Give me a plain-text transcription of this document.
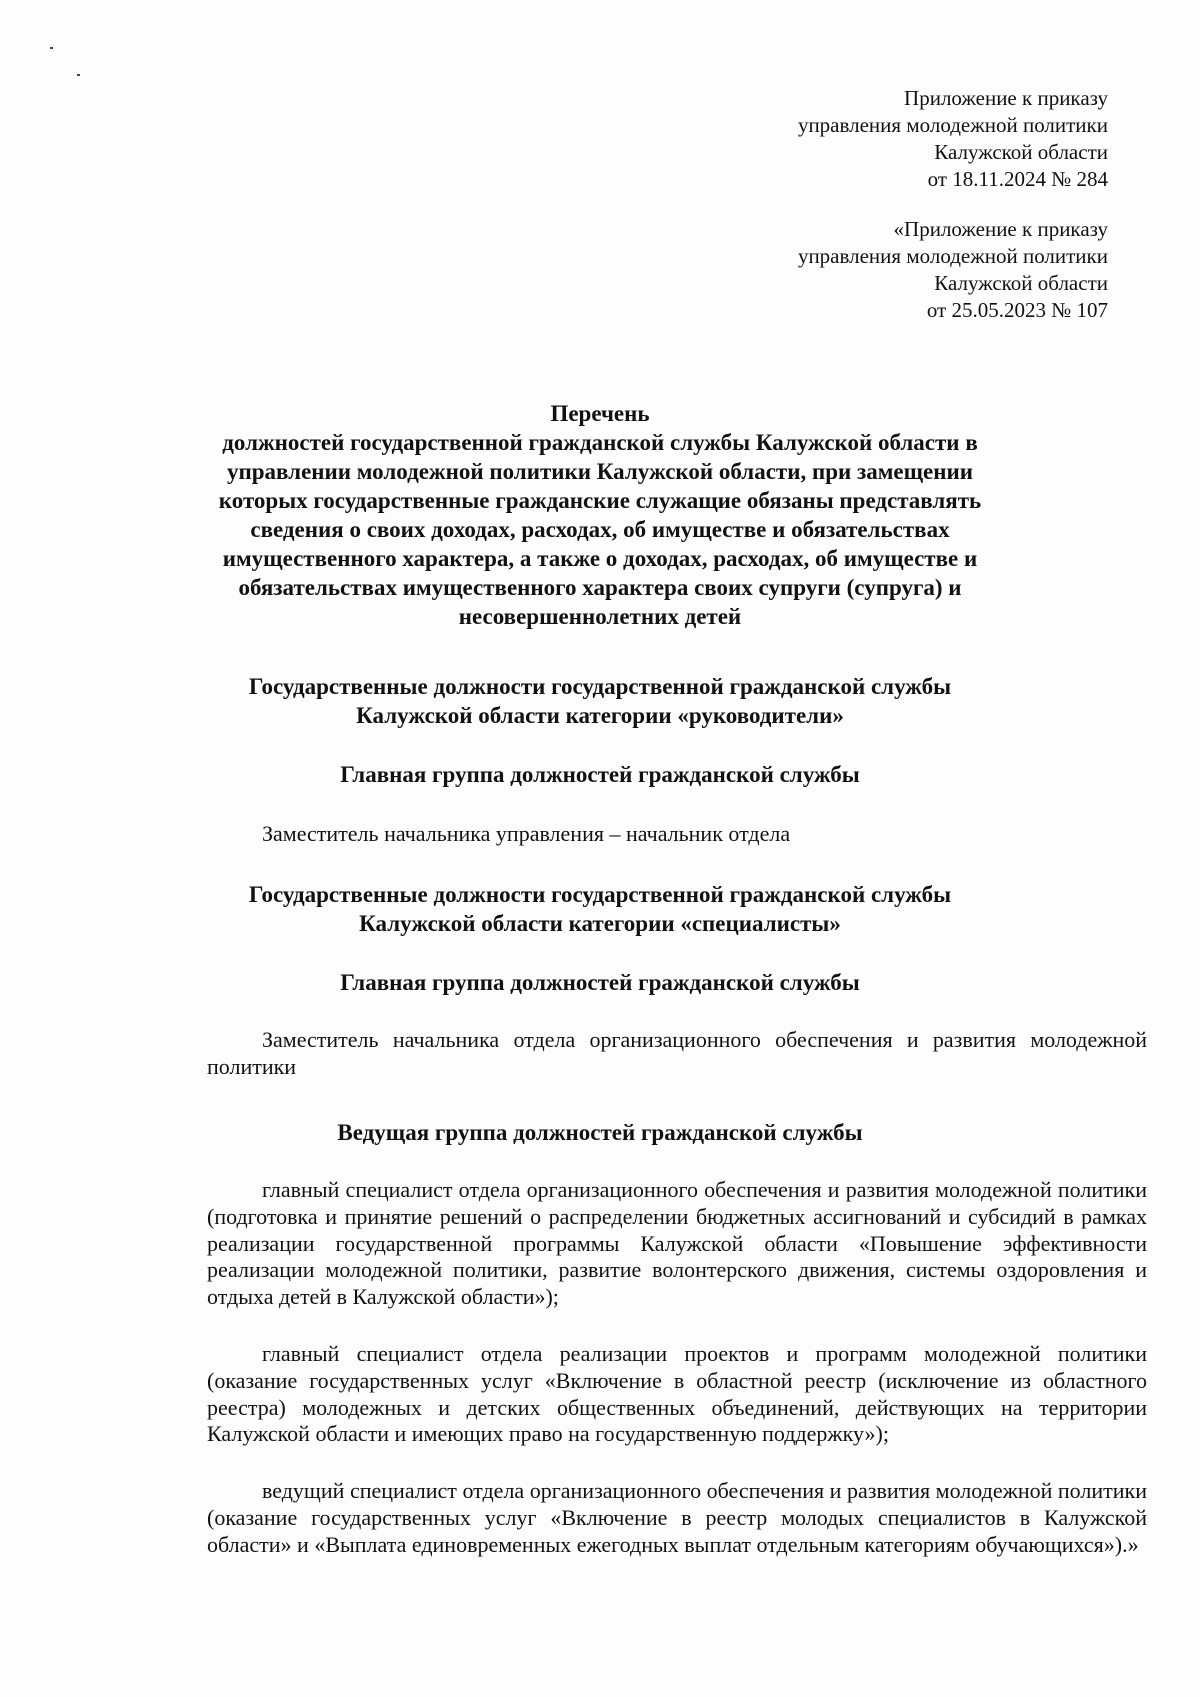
Приложение к приказу
управления молодежной политики
Калужской области
от 18.11.2024 № 284
«Приложение к приказу
управления молодежной политики
Калужской области
от 25.05.2023 № 107
Перечень
должностей государственной гражданской службы Калужской области в
управлении молодежной политики Калужской области, при замещении
которых государственные гражданские служащие обязаны представлять
сведения о своих доходах, расходах, об имуществе и обязательствах
имущественного характера, а также о доходах, расходах, об имуществе и
обязательствах имущественного характера своих супруги (супруга) и
несовершеннолетних детей
Государственные должности государственной гражданской службы
Калужской области категории «руководители»
Главная группа должностей гражданской службы
Заместитель начальника управления – начальник отдела
Государственные должности государственной гражданской службы
Калужской области категории «специалисты»
Главная группа должностей гражданской службы

Заместитель начальника отдела организационного обеспечения и развития молодежной политики

Ведущая группа должностей гражданской службы

главный специалист отдела организационного обеспечения и развития молодежной политики (подготовка и принятие решений о распределении бюджетных ассигнований и субсидий в рамках реализации государственной программы Калужской области «Повышение эффективности реализации молодежной политики, развитие волонтерского движения, системы оздоровления и отдыха детей в Калужской области»);

главный специалист отдела реализации проектов и программ молодежной политики (оказание государственных услуг «Включение в областной реестр (исключение из областного реестра) молодежных и детских общественных объединений, действующих на территории Калужской области и имеющих право на государственную поддержку»);

ведущий специалист отдела организационного обеспечения и развития молодежной политики (оказание государственных услуг «Включение в реестр молодых специалистов в Калужской области» и «Выплата единовременных ежегодных выплат отдельным категориям обучающихся»).»
